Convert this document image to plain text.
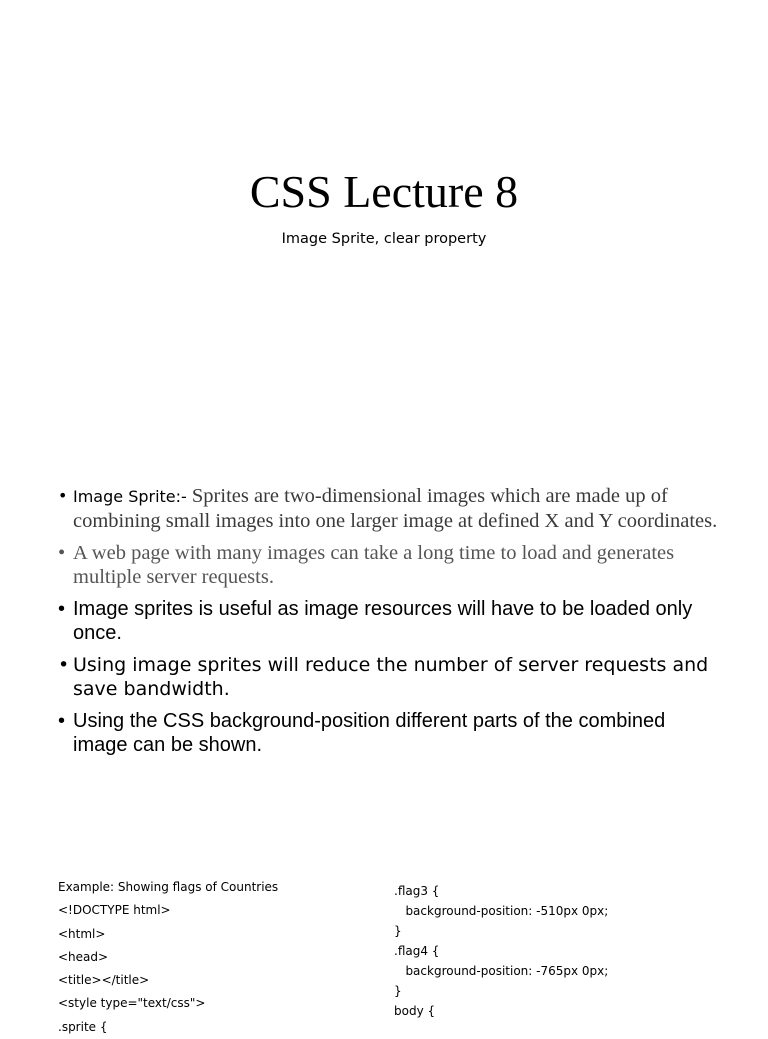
CSS Lecture 8
Image Sprite, clear property
• Image Sprite:- Sprites are two-dimensional images which are made up of combining small images into one larger image at defined X and Y coordinates.
• A web page with many images can take a long time to load and generates multiple server requests.
• Image sprites is useful as image resources will have to be loaded only once.
• Using image sprites will reduce the number of server requests and save bandwidth.
• Using the CSS background-position different parts of the combined image can be shown.
Example: Showing flags of Countries
<!DOCTYPE html>
<html>
<head>
<title></title>
<style type="text/css">
.sprite {
.flag3 {
background-position: -510px 0px;
}
.flag4 {
background-position: -765px 0px;
}
body {
